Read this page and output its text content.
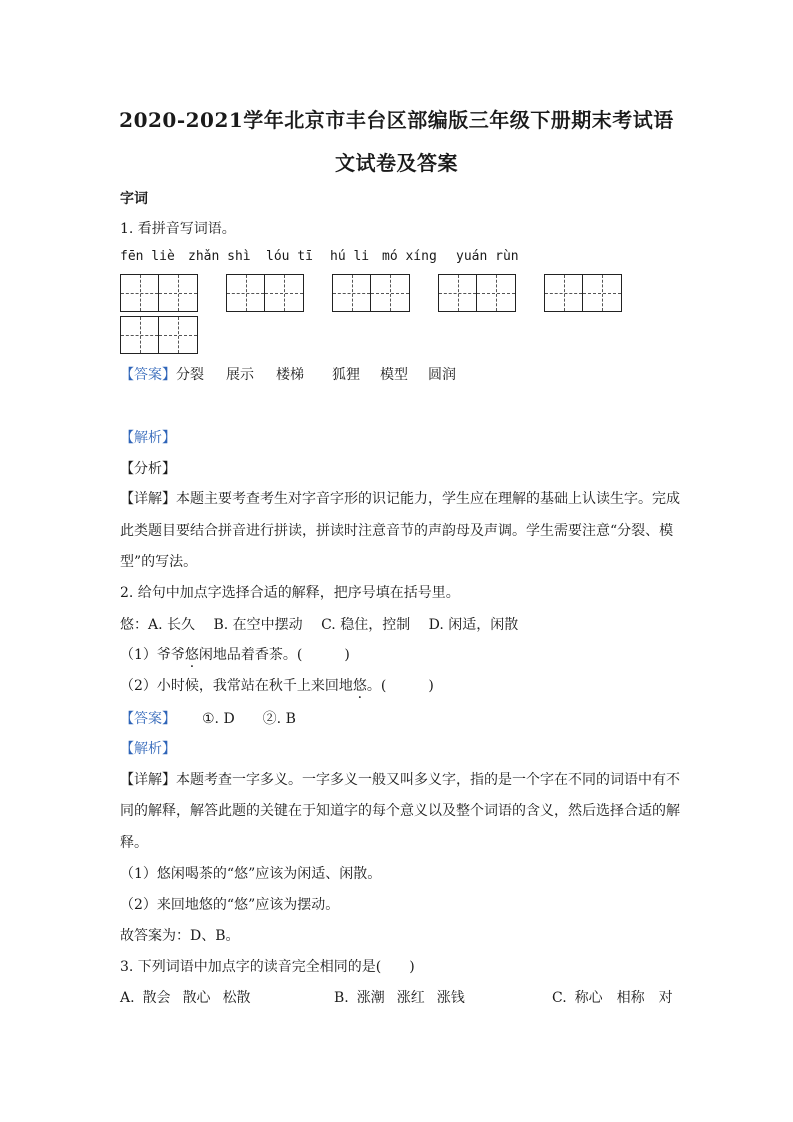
2020-2021学年北京市丰台区部编版三年级下册期末考试语
文试卷及答案
字词
1. 看拼音写词语。
fēn liè zhǎn shì lóu tī hú li mó xíng yuán rùn
【答案】分裂 展示 楼梯 狐狸 模型 圆润
【解析】
【分析】
【详解】本题主要考查考生对字音字形的识记能力，学生应在理解的基础上认读生字。完成
此类题目要结合拼音进行拼读，拼读时注意音节的声韵母及声调。学生需要注意“分裂、模
型”的写法。
2. 给句中加点字选择合适的解释，把序号填在括号里。
悠：A. 长久　 B. 在空中摆动　 C. 稳住，控制　 D. 闲适，闲散
（1）爷爷悠闲地品着香茶。(　　　)
（2）小时候，我常站在秋千上来回地悠。(　　　)
【答案】 ①. D　　②. B
【解析】
【详解】本题考查一字多义。一字多义一般又叫多义字，指的是一个字在不同的词语中有不
同的解释，解答此题的关键在于知道字的每个意义以及整个词语的含义，然后选择合适的解
释。
（1）悠闲喝茶的“悠”应该为闲适、闲散。
（2）来回地悠的“悠”应该为摆动。
故答案为：D、B。
3. 下列词语中加点字的读音完全相同的是(　　)
A. 散会 散心 松散	B. 涨潮 涨红 涨钱	C. 称心 相称 对
